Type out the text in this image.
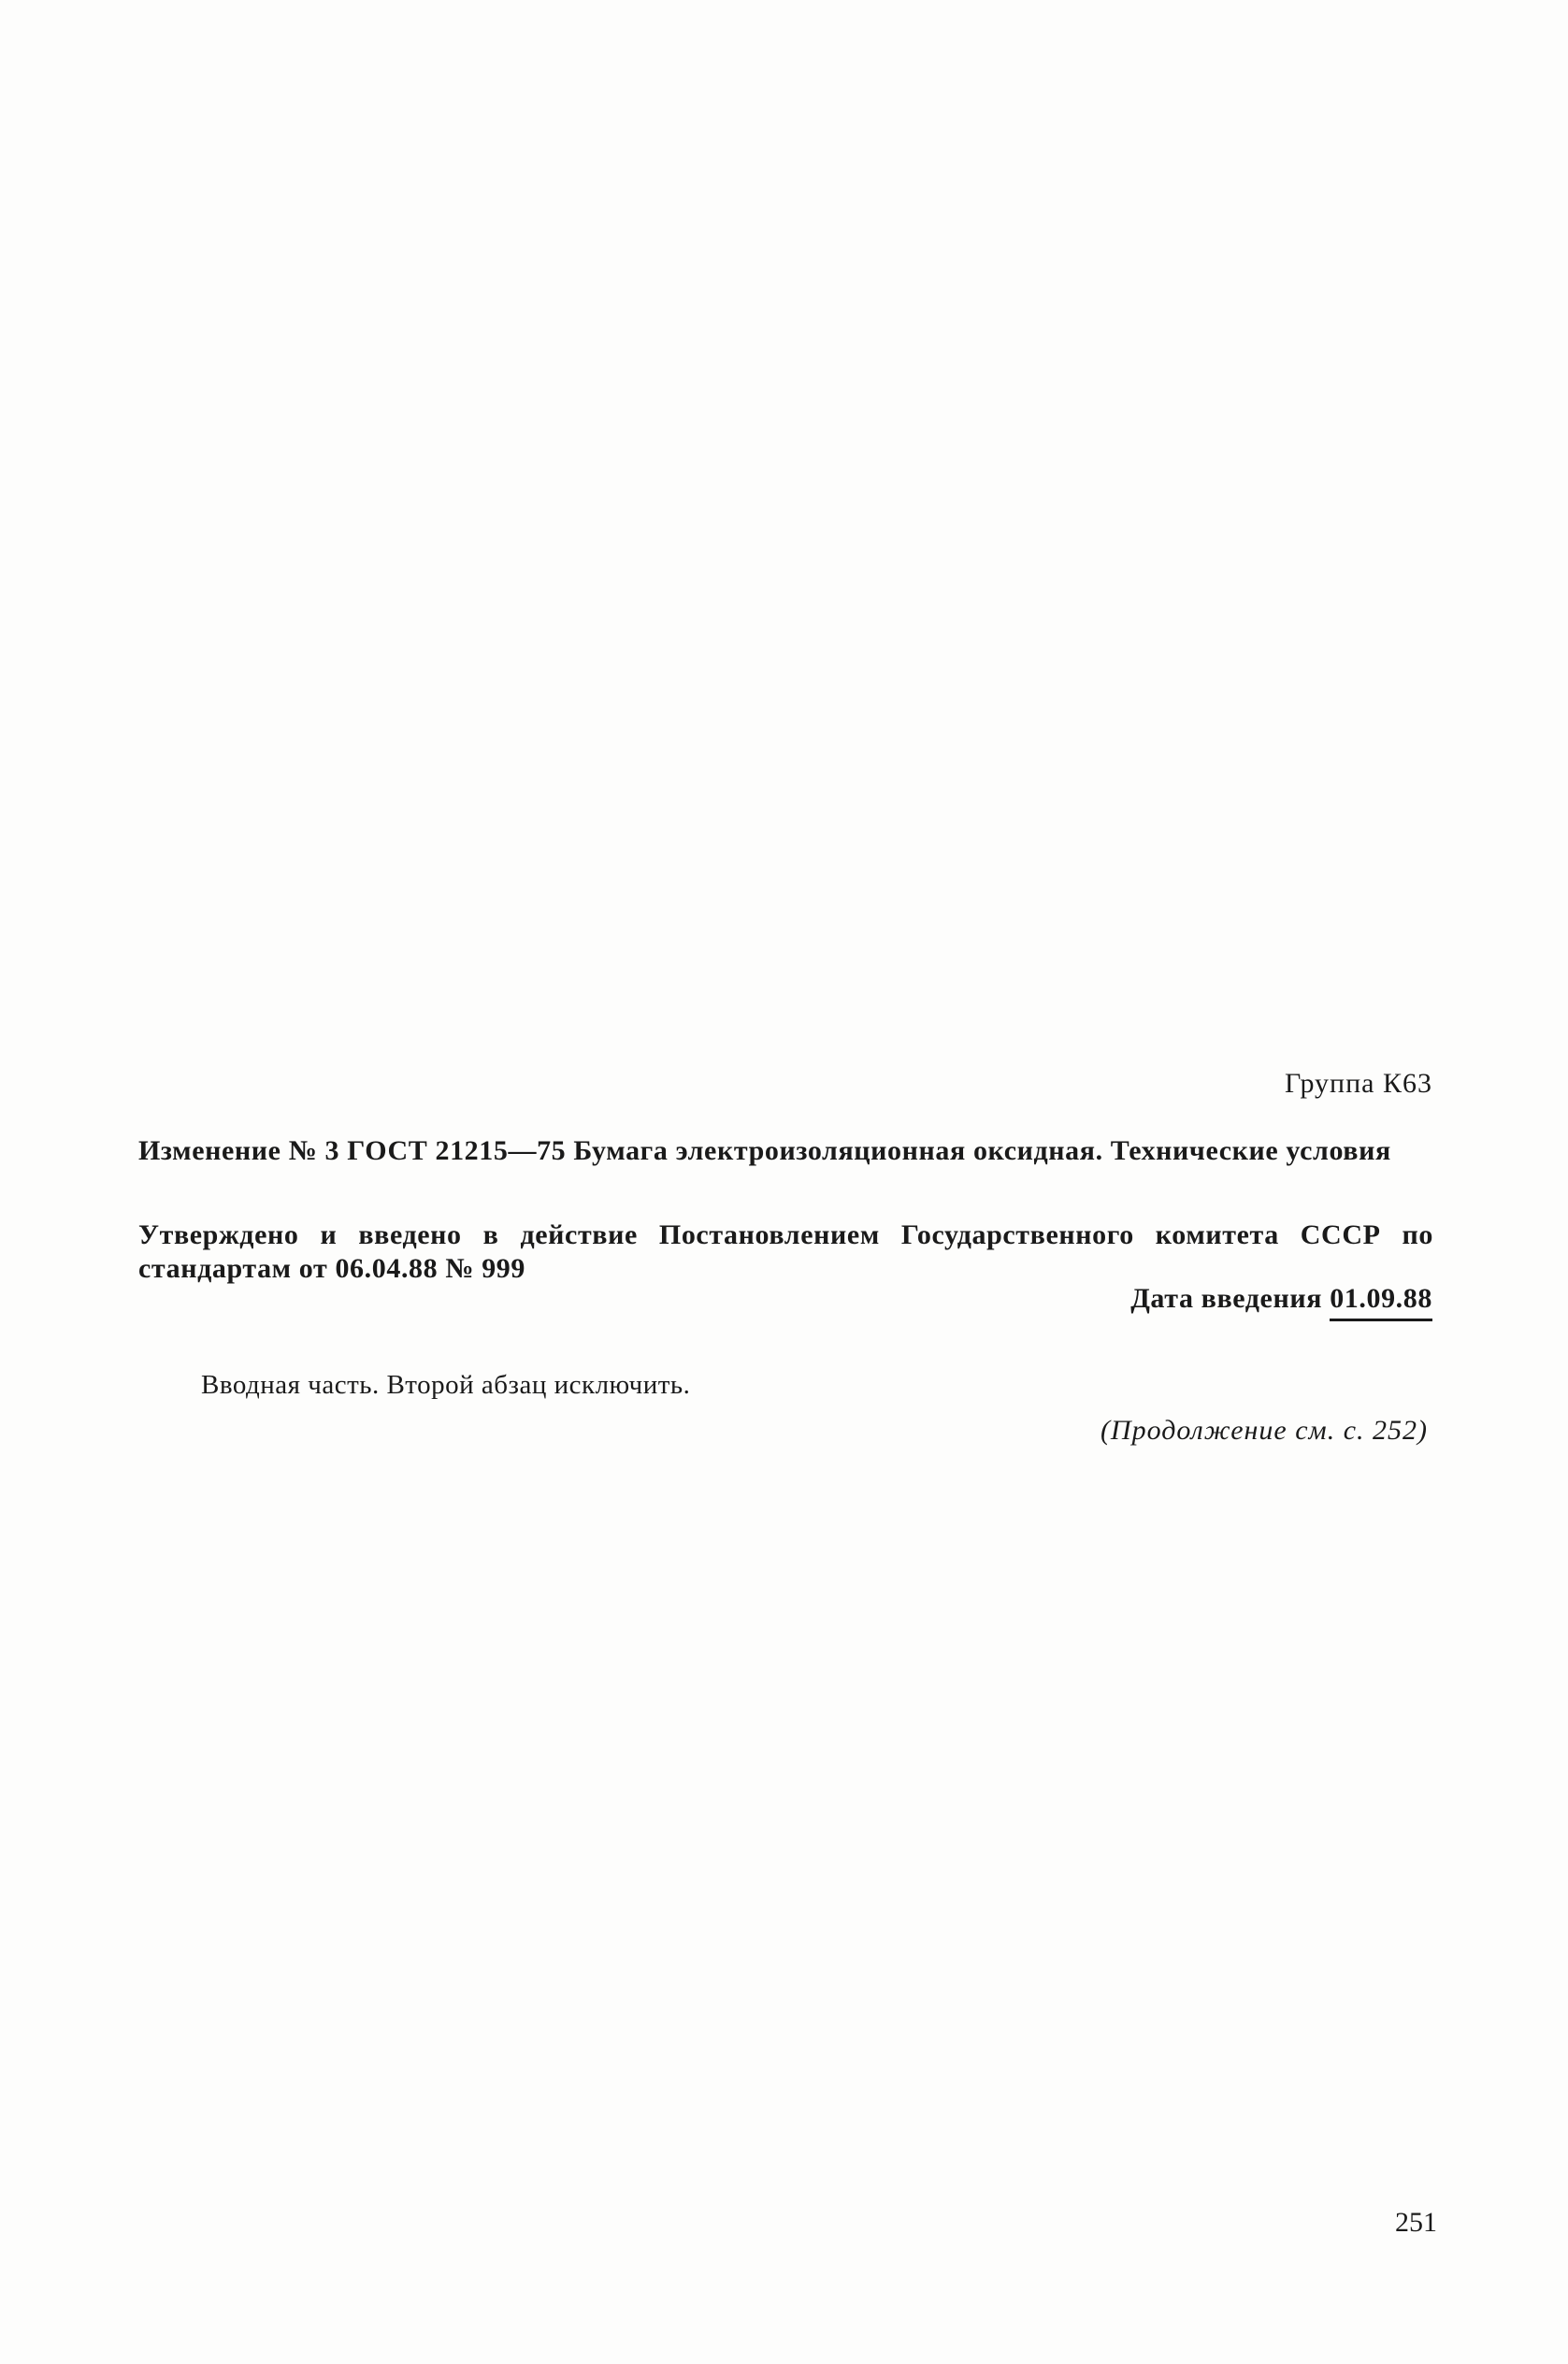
Группа К63
Изменение № 3 ГОСТ 21215—75 Бумага электроизоляционная оксидная. Технические условия
Утверждено и введено в действие Постановлением Государственного комитета СССР по стандартам от 06.04.88 № 999
Дата введения 01.09.88
Вводная часть. Второй абзац исключить.
(Продолжение см. с. 252)
251
